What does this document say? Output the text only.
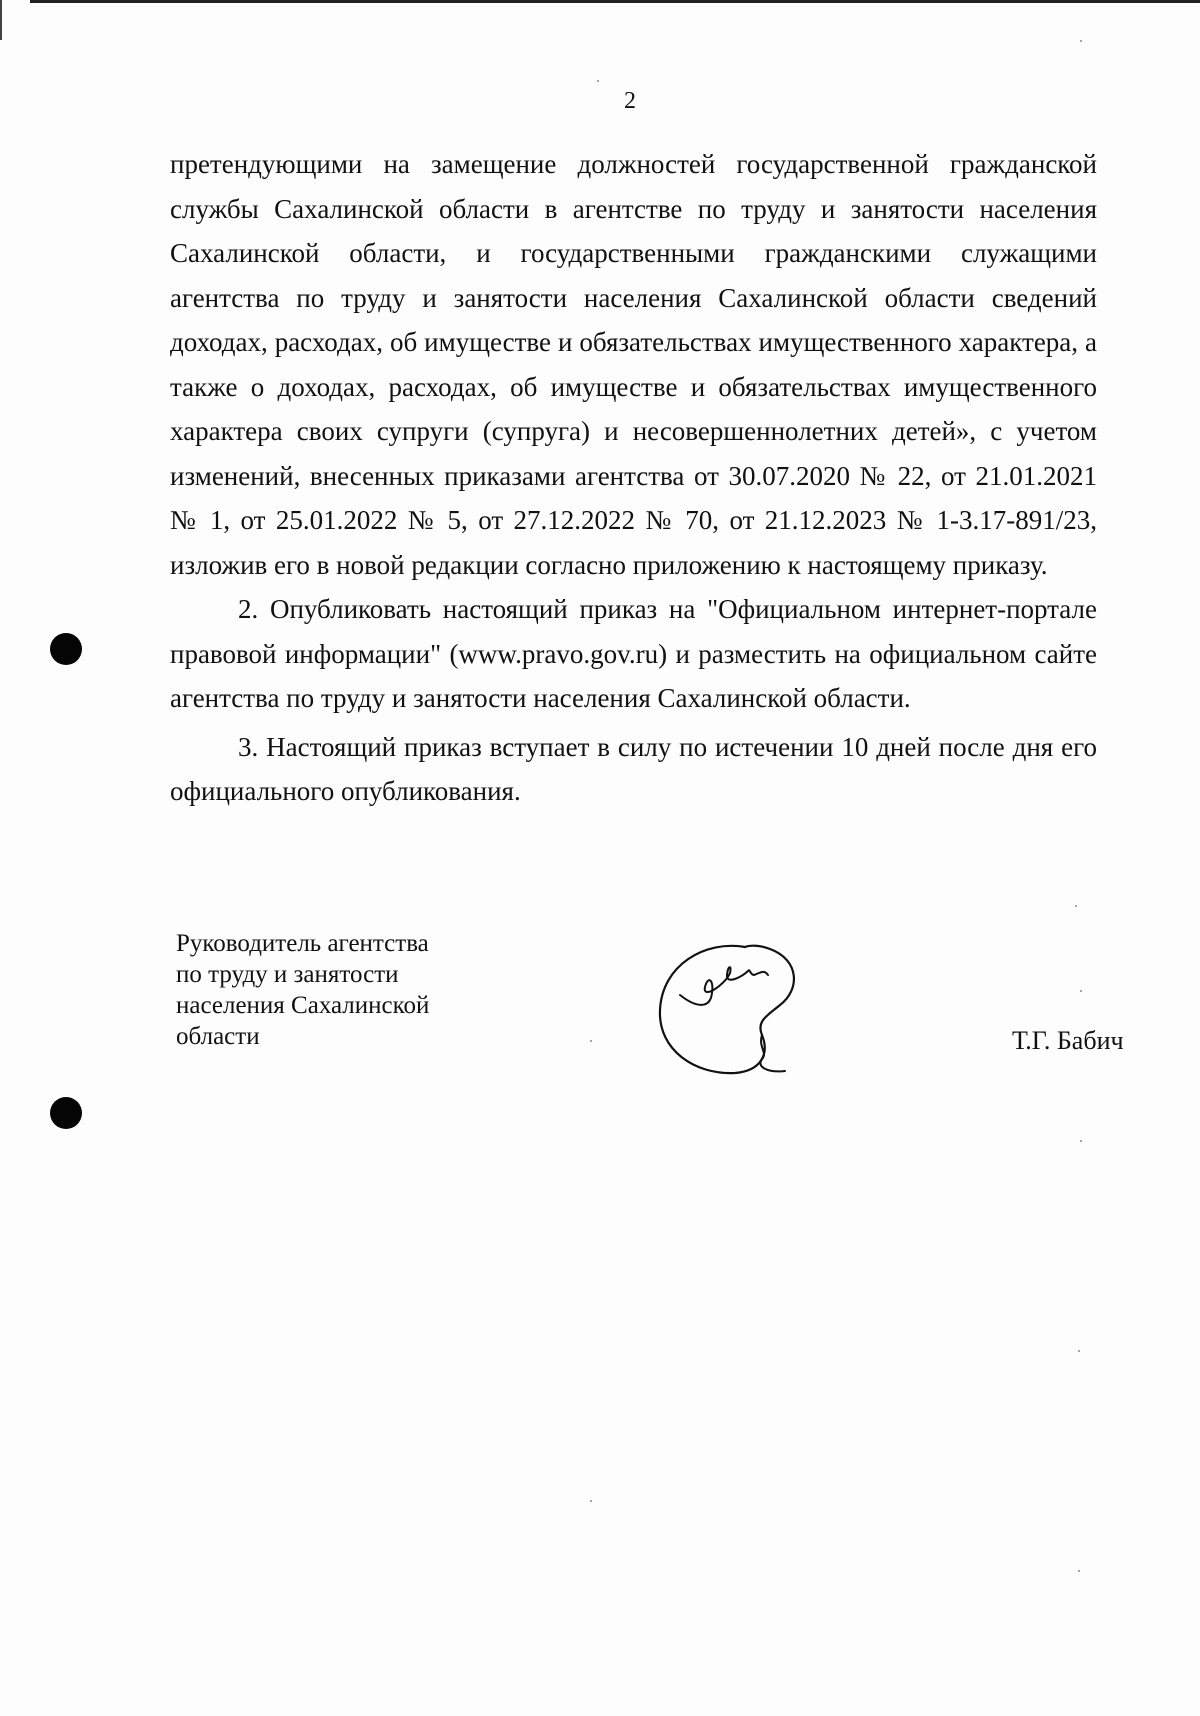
2

претендующими на замещение должностей государственной гражданской службы Сахалинской области в агентстве по труду и занятости населения Сахалинской области, и государственными гражданскими служащими агентства по труду и занятости населения Сахалинской области сведений доходах, расходах, об имуществе и обязательствах имущественного характера, а также о доходах, расходах, об имуществе и обязательствах имущественного характера своих супруги (супруга) и несовершеннолетних детей», с учетом изменений, внесенных приказами агентства от 30.07.2020 № 22, от 21.01.2021 № 1, от 25.01.2022 № 5, от 27.12.2022 № 70, от 21.12.2023 № 1-3.17-891/23, изложив его в новой редакции согласно приложению к настоящему приказу.

2. Опубликовать настоящий приказ на "Официальном интернет-портале правовой информации" (www.pravo.gov.ru) и разместить на официальном сайте агентства по труду и занятости населения Сахалинской области.

3. Настоящий приказ вступает в силу по истечении 10 дней после дня его официального опубликования.

Руководитель агентства
по труду и занятости
населения Сахалинской
области	Т.Г. Бабич
